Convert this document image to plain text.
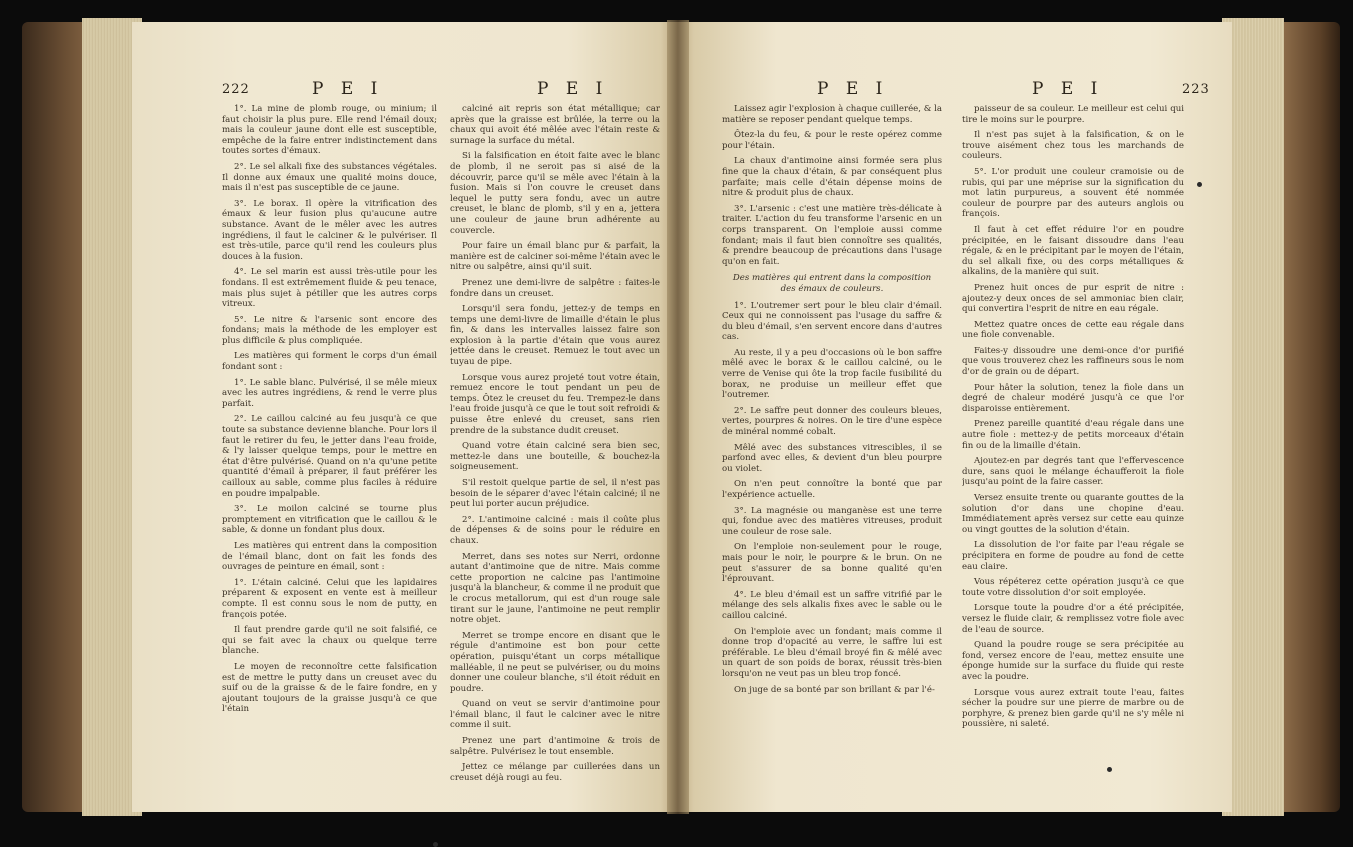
222	P E I	P E I

1°. La mine de plomb rouge, ou minium; il faut choisir la plus pure. Elle rend l'émail doux; mais la couleur jaune dont elle est susceptible, empêche de la faire entrer indistinctement dans toutes sortes d'émaux.

2°. Le sel alkali fixe des substances végétales. Il donne aux émaux une qualité moins douce, mais il n'est pas susceptible de ce jaune.

3°. Le borax. Il opère la vitrification des émaux & leur fusion plus qu'aucune autre substance. Avant de le mêler avec les autres ingrédiens, il faut le calciner & le pulvériser. Il est très-utile, parce qu'il rend les couleurs plus douces à la fusion.

4°. Le sel marin est aussi très-utile pour les fondans. Il est extrêmement fluide & peu tenace, mais plus sujet à pétiller que les autres corps vitreux.

5°. Le nitre & l'arsenic sont encore des fondans; mais la méthode de les employer est plus difficile & plus compliquée.

Les matières qui forment le corps d'un émail fondant sont :

1°. Le sable blanc. Pulvérisé, il se mêle mieux avec les autres ingrédiens, & rend le verre plus parfait.

2°. Le caillou calciné au feu jusqu'à ce que toute sa substance devienne blanche. Pour lors il faut le retirer du feu, le jetter dans l'eau froide, & l'y laisser quelque temps, pour le mettre en état d'être pulvérisé. Quand on n'a qu'une petite quantité d'émail à préparer, il faut préférer les cailloux au sable, comme plus faciles à réduire en poudre impalpable.

3°. Le moilon calciné se tourne plus promptement en vitrification que le caillou & le sable, & donne un fondant plus doux.

Les matières qui entrent dans la composition de l'émail blanc, dont on fait les fonds des ouvrages de peinture en émail, sont :

1°. L'étain calciné. Celui que les lapidaires préparent & exposent en vente est à meilleur compte. Il est connu sous le nom de putty, en françois potée.

Il faut prendre garde qu'il ne soit falsifié, ce qui se fait avec la chaux ou quelque terre blanche.

Le moyen de reconnoître cette falsification est de mettre le putty dans un creuset avec du suif ou de la graisse & de le faire fondre, en y ajoutant toujours de la graisse jusqu'à ce que l'étain

calciné ait repris son état métallique; car après que la graisse est brûlée, la terre ou la chaux qui avoit été mêlée avec l'étain reste & surnage la surface du métal.

Si la falsification en étoit faite avec le blanc de plomb, il ne seroit pas si aisé de la découvrir, parce qu'il se mêle avec l'étain à la fusion. Mais si l'on couvre le creuset dans lequel le putty sera fondu, avec un autre creuset, le blanc de plomb, s'il y en a, jettera une couleur de jaune brun adhérente au couvercle.

Pour faire un émail blanc pur & parfait, la manière est de calciner soi-même l'étain avec le nitre ou salpêtre, ainsi qu'il suit.

Prenez une demi-livre de salpêtre : faites-le fondre dans un creuset.

Lorsqu'il sera fondu, jettez-y de temps en temps une demi-livre de limaille d'étain le plus fin, & dans les intervalles laissez faire son explosion à la partie d'étain que vous aurez jettée dans le creuset. Remuez le tout avec un tuyau de pipe.

Lorsque vous aurez projeté tout votre étain, remuez encore le tout pendant un peu de temps. Ôtez le creuset du feu. Trempez-le dans l'eau froide jusqu'à ce que le tout soit refroidi & puisse être enlevé du creuset, sans rien prendre de la substance dudit creuset.

Quand votre étain calciné sera bien sec, mettez-le dans une bouteille, & bouchez-la soigneusement.

S'il restoit quelque partie de sel, il n'est pas besoin de le séparer d'avec l'étain calciné; il ne peut lui porter aucun préjudice.

2°. L'antimoine calciné : mais il coûte plus de dépenses & de soins pour le réduire en chaux.

Merret, dans ses notes sur Nerri, ordonne autant d'antimoine que de nitre. Mais comme cette proportion ne calcine pas l'antimoine jusqu'à la blancheur, & comme il ne produit que le crocus metallorum, qui est d'un rouge sale tirant sur le jaune, l'antimoine ne peut remplir notre objet.

Merret se trompe encore en disant que le régule d'antimoine est bon pour cette opération, puisqu'étant un corps métallique malléable, il ne peut se pulvériser, ou du moins donner une couleur blanche, s'il étoit réduit en poudre.

Quand on veut se servir d'antimoine pour l'émail blanc, il faut le calciner avec le nitre comme il suit.

Prenez une part d'antimoine & trois de salpêtre. Pulvérisez le tout ensemble.

Jettez ce mélange par cuillerées dans un creuset déjà rougi au feu.

P E I	P E I	223

Laissez agir l'explosion à chaque cuillerée, & la matière se reposer pendant quelque temps.

Ôtez-la du feu, & pour le reste opérez comme pour l'étain.

La chaux d'antimoine ainsi formée sera plus fine que la chaux d'étain, & par conséquent plus parfaite; mais celle d'étain dépense moins de nitre & produit plus de chaux.

3°. L'arsenic : c'est une matière très-délicate à traiter. L'action du feu transforme l'arsenic en un corps transparent. On l'emploie aussi comme fondant; mais il faut bien connoître ses qualités, & prendre beaucoup de précautions dans l'usage qu'on en fait.

Des matières qui entrent dans la composition des émaux de couleurs.

1°. L'outremer sert pour le bleu clair d'émail. Ceux qui ne connoissent pas l'usage du saffre & du bleu d'émail, s'en servent encore dans d'autres cas.

Au reste, il y a peu d'occasions où le bon saffre mêlé avec le borax & le caillou calciné, ou le verre de Venise qui ôte la trop facile fusibilité du borax, ne produise un meilleur effet que l'outremer.

2°. Le saffre peut donner des couleurs bleues, vertes, pourpres & noires. On le tire d'une espèce de minéral nommé cobalt.

Mêlé avec des substances vitrescibles, il se parfond avec elles, & devient d'un bleu pourpre ou violet.

On n'en peut connoître la bonté que par l'expérience actuelle.

3°. La magnésie ou manganèse est une terre qui, fondue avec des matières vitreuses, produit une couleur de rose sale.

On l'emploie non-seulement pour le rouge, mais pour le noir, le pourpre & le brun. On ne peut s'assurer de sa bonne qualité qu'en l'éprouvant.

4°. Le bleu d'émail est un saffre vitrifié par le mélange des sels alkalis fixes avec le sable ou le caillou calciné.

On l'emploie avec un fondant; mais comme il donne trop d'opacité au verre, le saffre lui est préférable. Le bleu d'émail broyé fin & mêlé avec un quart de son poids de borax, réussit très-bien lorsqu'on ne veut pas un bleu trop foncé.

On juge de sa bonté par son brillant & par l'é-

paisseur de sa couleur. Le meilleur est celui qui tire le moins sur le pourpre.

Il n'est pas sujet à la falsification, & on le trouve aisément chez tous les marchands de couleurs.

5°. L'or produit une couleur cramoisie ou de rubis, qui par une méprise sur la signification du mot latin purpureus, a souvent été nommée couleur de pourpre par des auteurs anglois ou françois.

Il faut à cet effet réduire l'or en poudre précipitée, en le faisant dissoudre dans l'eau régale, & en le précipitant par le moyen de l'étain, du sel alkali fixe, ou des corps métalliques & alkalins, de la manière qui suit.

Prenez huit onces de pur esprit de nitre : ajoutez-y deux onces de sel ammoniac bien clair, qui convertira l'esprit de nitre en eau régale.

Mettez quatre onces de cette eau régale dans une fiole convenable.

Faites-y dissoudre une demi-once d'or purifié que vous trouverez chez les raffineurs sous le nom d'or de grain ou de départ.

Pour hâter la solution, tenez la fiole dans un degré de chaleur modéré jusqu'à ce que l'or disparoisse entièrement.

Prenez pareille quantité d'eau régale dans une autre fiole : mettez-y de petits morceaux d'étain fin ou de la limaille d'étain.

Ajoutez-en par degrés tant que l'effervescence dure, sans quoi le mélange échaufferoit la fiole jusqu'au point de la faire casser.

Versez ensuite trente ou quarante gouttes de la solution d'or dans une chopine d'eau. Immédiatement après versez sur cette eau quinze ou vingt gouttes de la solution d'étain.

La dissolution de l'or faite par l'eau régale se précipitera en forme de poudre au fond de cette eau claire.

Vous répéterez cette opération jusqu'à ce que toute votre dissolution d'or soit employée.

Lorsque toute la poudre d'or a été précipitée, versez le fluide clair, & remplissez votre fiole avec de l'eau de source.

Quand la poudre rouge se sera précipitée au fond, versez encore de l'eau, mettez ensuite une éponge humide sur la surface du fluide qui reste avec la poudre.

Lorsque vous aurez extrait toute l'eau, faites sécher la poudre sur une pierre de marbre ou de porphyre, & prenez bien garde qu'il ne s'y mêle ni poussière, ni saleté.
